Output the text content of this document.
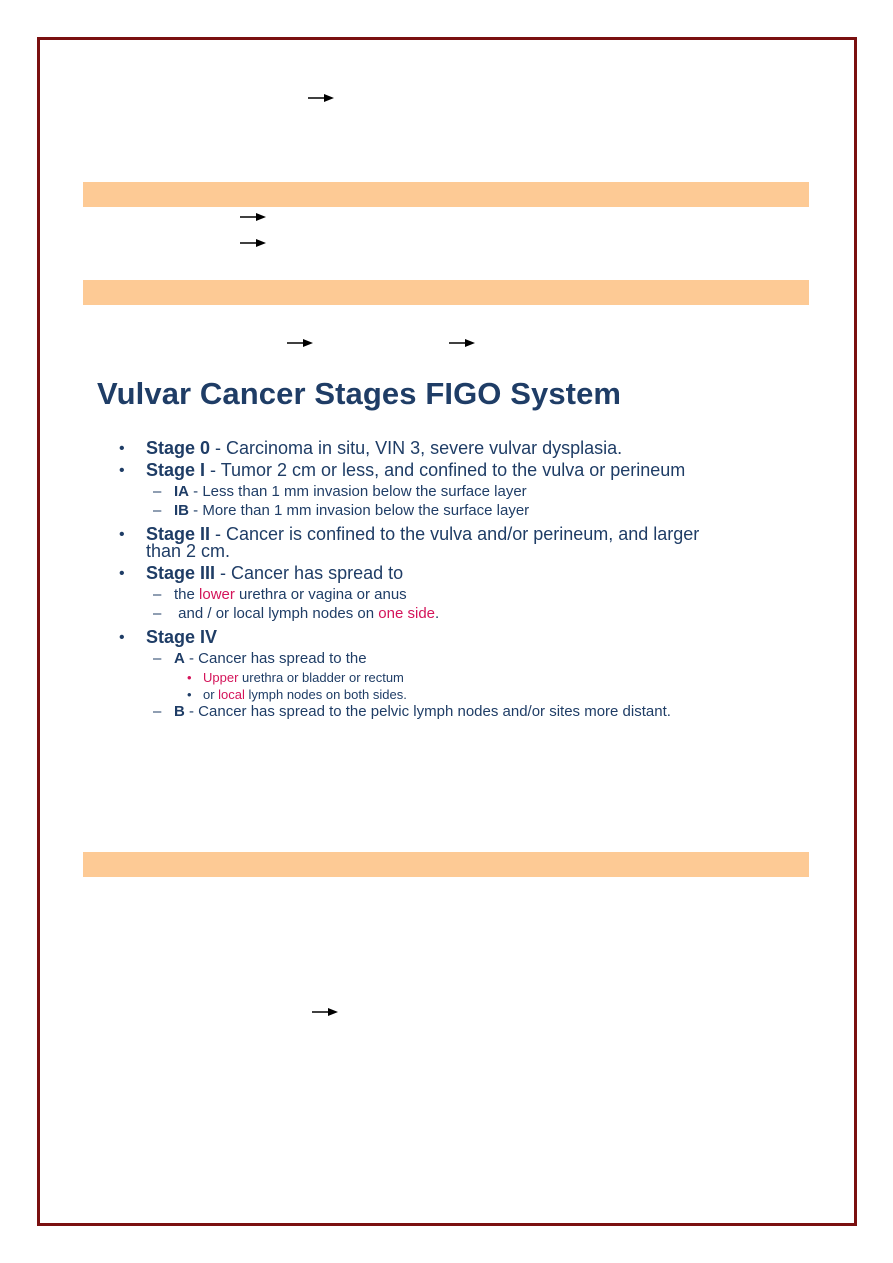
Vulvar Cancer Stages FIGO System
• Stage 0 - Carcinoma in situ, VIN 3, severe vulvar dysplasia.
• Stage I - Tumor 2 cm or less, and confined to the vulva or perineum
– IA - Less than 1 mm invasion below the surface layer
– IB - More than 1 mm invasion below the surface layer
• Stage II - Cancer is confined to the vulva and/or perineum, and larger than 2 cm.
• Stage III - Cancer has spread to
– the lower urethra or vagina or anus
– and / or local lymph nodes on one side.
• Stage IV
– A - Cancer has spread to the
• Upper urethra or bladder or rectum
• or local lymph nodes on both sides.
– B - Cancer has spread to the pelvic lymph nodes and/or sites more distant.
